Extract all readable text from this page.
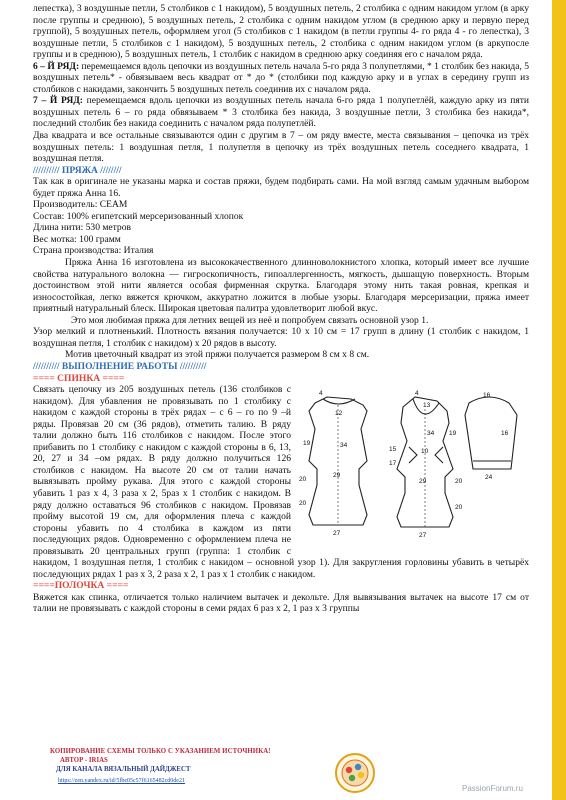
лепестка), 3 воздушные петли, 5 столбиков с 1 накидом), 5 воздушных петель, 2 столбика с одним накидом углом (в арку после группы и среднюю), 5 воздушных петель, 2 столбика с одним накидом углом (в среднюю арку и первую перед группой), 5 воздушных петель, оформляем угол (5 столбиков с 1 накидом (в петли группы 4- го ряда 4 - го лепестка), 3 воздушные петли, 5 столбиков с 1 накидом), 5 воздушных петель, 2 столбика с одним накидом углом (в аркупосле группы и в среднюю), 5 воздушных петель, 1 столбик с накидом в среднюю арку соединяя его с началом ряда.

6 – Й РЯД: перемещаемся вдоль цепочки из воздушных петель начала 5-го ряда 3 полупетлями, * 1 столбик без накида, 5 воздушных петель* - обвязываем весь квадрат от * до * (столбики под каждую арку и в углах в середину групп из столбиков с накидами, закончить 5 воздушных петель соединив их с началом ряда.

7 – Й РЯД: перемещаемся вдоль цепочки из воздушных петель начала 6-го ряда 1 полупетлёй, каждую арку из пяти воздушных петель 6 – го ряда обвязываем * 3 столбика без накида, 3 воздушные петли, 3 столбика без накида*, последний столбик без накида соединить с началом ряда полупетлёй.

Два квадрата и все остальные связываются один с другим в 7 – ом ряду вместе, места связывания – цепочка из трёх воздушных петель: 1 воздушная петля, 1 полупетля в цепочку из трёх воздушных петель соседнего квадрата, 1 воздушная петля.

////////// ПРЯЖА ////////

Так как в оригинале не указаны марка и состав пряжи, будем подбирать сами. На мой взгляд самым удачным выбором будет пряжа Анна 16.

Производитель: CEAM

Состав: 100% египетский мерсеризованный хлопок

Длина нити: 530 метров

Вес мотка: 100 грамм

Страна производства: Италия

Пряжа Анна 16 изготовлена из высококачественного длинноволокнистого хлопка, который имеет все лучшие свойства натурального волокна — гигроскопичность, гипоаллергенность, мягкость, дышащую поверхность. Вторым достоинством этой нити является особая фирменная скрутка. Благодаря этому нить такая ровная, крепкая и износостойкая, легко вяжется крючком, аккуратно ложится в любые узоры. Благодаря мерсеризации, пряжа имеет приятный натуральный блеск. Широкая цветовая палитра удовлетворит любой вкус.

Это моя любимая пряжа для летних вещей из неё и попробуем связать основной узор 1.

Узор мелкий и плотненький. Плотность вязания получается: 10 х 10 см = 17 групп в длину (1 столбик с накидом, 1 воздушная петля, 1 столбик с накидом) х 20 рядов в высоту.

Мотив цветочный квадрат из этой пряжи получается размером 8 см х 8 см.

////////// ВЫПОЛНЕНИЕ РАБОТЫ //////////

==== СПИНКА ====

4
12
19	34
20
20
29
27
4
13
19
34
10
15
17
20
20
29
27
16
16
24

Связать цепочку из 205 воздушных петель (136 столбиков с накидом). Для убавления не провязывать по 1 столбику с накидом с каждой стороны в трёх рядах – с 6 – го по 9 –й ряды. Провязав 20 см (36 рядов), отметить талию. В ряду талии должно быть 116 столбиков с накидом. После этого прибавить по 1 столбику с накидом с каждой стороны в 6, 13, 20, 27 и 34 –ом рядах. В ряду должно получиться 126 столбиков с накидом. На высоте 20 см от талии начать вывязывать пройму рукава. Для этого с каждой стороны убавить 1 раз х 4, 3 раза х 2, 5раз х 1 столбик с накидом. В ряду должно оставаться 96 столбиков с накидом. Провязав пройму высотой 19 см, для оформления плеча с каждой стороны убавить по 4 столбика в каждом из пяти последующих рядов. Одновременно с оформлением плеча не провязывать 20 центральных групп (группа: 1 столбик с накидом, 1 воздушная петля, 1 столбик с накидом – основной узор 1). Для закругления горловины убавить в четырёх последующих рядах 1 раз х 3, 2 раза х 2, 1 раз х 1 столбик с накидом.

====ПОЛОЧКА ====

Вяжется как спинка, отличается только наличием вытачек и декольте. Для вывязывания вытачек на высоте 17 см от талии не провязывать с каждой стороны в семи рядах 6 раз х 2, 1 раз х 3 группы

КОПИРОВАНИЕ СХЕМЫ ТОЛЬКО С УКАЗАНИЕМ ИСТОЧНИКА!
АВТОР - IRIAS
ДЛЯ КАНАЛА ВЯЗАЛЬНЫЙ ДАЙДЖЕСТ
https://zen.yandex.ru/id/5fbe05c57f6165482cd0de21
PassionForum.ru
